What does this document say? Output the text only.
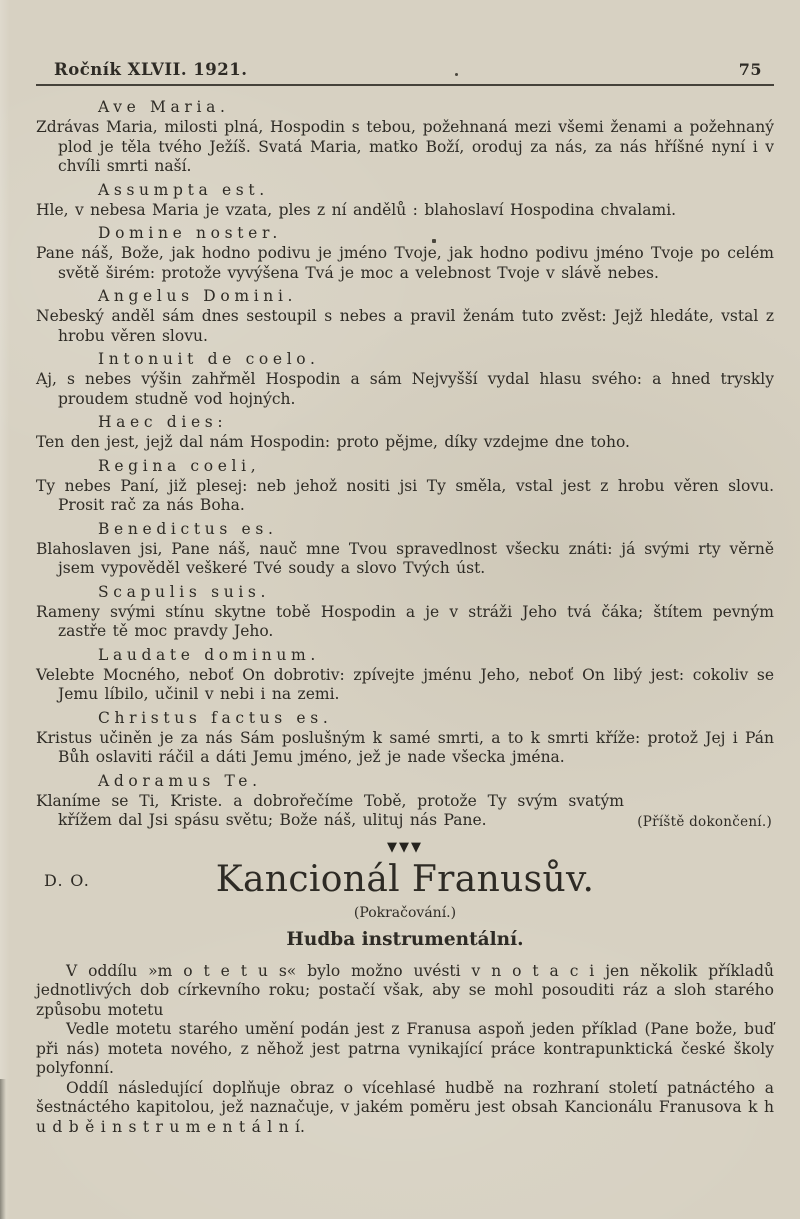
Ročník XLVII. 1921.	75
(Příště dokončení.)
Ave Maria.

Zdrávas Maria, milosti plná, Hospodin s tebou, požehnaná mezi všemi ženami a požehnaný plod je těla tvého Ježíš. Svatá Maria, matko Boží, oroduj za nás, za nás hříšné nyní i v chvíli smrti naší.

Assumpta est.

Hle, v nebesa Maria je vzata, ples z ní andělů : blahoslaví Hospodina chvalami.

Domine noster.

Pane náš, Bože, jak hodno podivu je jméno Tvoje, jak hodno podivu jméno Tvoje po celém světě širém: protože vyvýšena Tvá je moc a velebnost Tvoje v slávě nebes.

Angelus Domini.

Nebeský anděl sám dnes sestoupil s nebes a pravil ženám tuto zvěst: Jejž hledáte, vstal z hrobu věren slovu.

Intonuit de coelo.

Aj, s nebes výšin zahřměl Hospodin a sám Nejvyšší vydal hlasu svého: a hned tryskly proudem studně vod hojných.

Haec dies:

Ten den jest, jejž dal nám Hospodin: proto pějme, díky vzdejme dne toho.

Regina coeli,

Ty nebes Paní, již plesej: neb jehož nositi jsi Ty směla, vstal jest z hrobu věren slovu. Prosit rač za nás Boha.

Benedictus es.

Blahoslaven jsi, Pane náš, nauč mne Tvou spravedlnost všecku znáti: já svými rty věrně jsem vypověděl veškeré Tvé soudy a slovo Tvých úst.

Scapulis suis.

Rameny svými stínu skytne tobě Hospodin a je v stráži Jeho tvá čáka; štítem pevným zastře tě moc pravdy Jeho.

Laudate dominum.

Velebte Mocného, neboť On dobrotiv: zpívejte jménu Jeho, neboť On libý jest: cokoliv se Jemu líbilo, učinil v nebi i na zemi.

Christus factus es.

Kristus učiněn je za nás Sám poslušným k samé smrti, a to k smrti kříže: protož Jej i Pán Bůh oslaviti ráčil a dáti Jemu jméno, jež je nade všecka jména.

Adoramus Te.

Klaníme se Ti, Kriste. a dobrořečíme Tobě, protože Ty svým svatým křížem dal Jsi spásu světu; Bože náš, ulituj nás Pane.

▼▼▼
D. O.	Kancionál Franusův.
(Pokračování.)
Hudba instrumentální.

V oddílu »m o t e t u s« bylo možno uvésti v n o t a c i jen několik příkladů jednotlivých dob církevního roku; postačí však, aby se mohl posouditi ráz a sloh starého způsobu motetu

Vedle motetu starého umění podán jest z Franusa aspoň jeden příklad (Pane bože, buď při nás) moteta nového, z něhož jest patrna vynikající práce kontrapunktická české školy polyfonní.

Oddíl následující doplňuje obraz o vícehlasé hudbě na rozhraní století patnáctého a šestnáctého kapitolou, jež naznačuje, v jakém poměru jest obsah Kancionálu Franusova k h u d b ě i n s t r u m e n t á l n í.
